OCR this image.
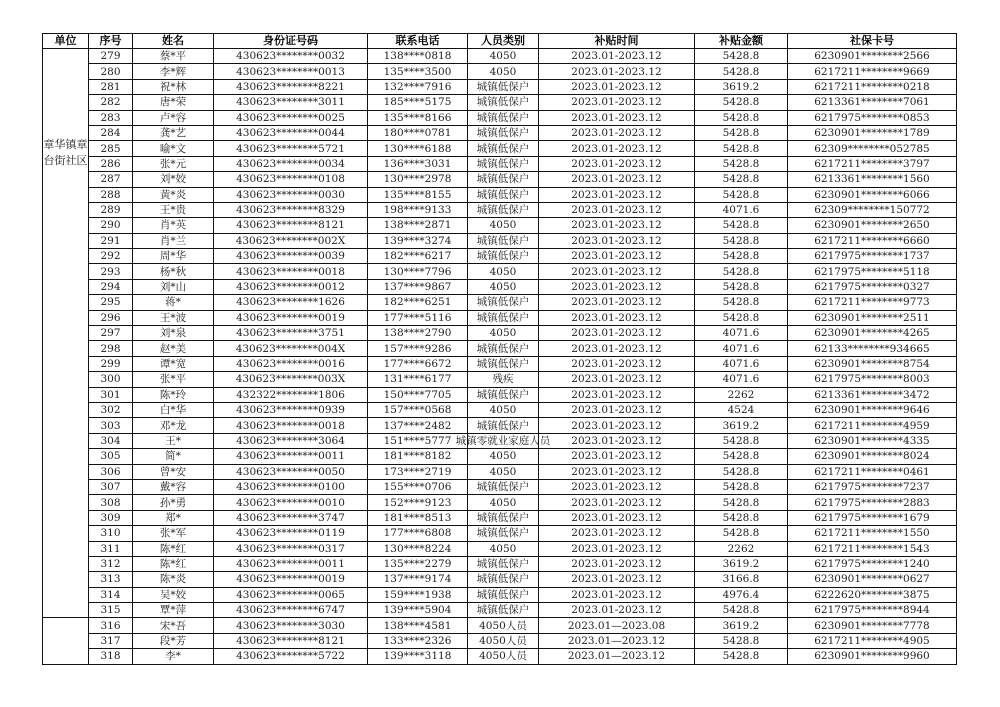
单位	序号	姓名	身份证号码	联系电话	人员类别	补贴时间	补贴金额	社保卡号
章华镇章台街社区	279	蔡*平	430623********0032	138****0818	4050	2023.01-2023.12	5428.8	6230901********2566
	280	李*辉	430623********0013	135****3500	4050	2023.01-2023.12	5428.8	6217211********9669
	281	祝*林	430623********8221	132****7916	城镇低保户	2023.01-2023.12	3619.2	6217211********0218
	282	唐*荣	430623********3011	185****5175	城镇低保户	2023.01-2023.12	5428.8	6213361********7061
	283	卢*容	430623********0025	135****8166	城镇低保户	2023.01-2023.12	5428.8	6217975********0853
	284	龚*艺	430623********0044	180****0781	城镇低保户	2023.01-2023.12	5428.8	6230901********1789
	285	喻*文	430623********5721	130****6188	城镇低保户	2023.01-2023.12	5428.8	62309********052785
	286	张*元	430623********0034	136****3031	城镇低保户	2023.01-2023.12	5428.8	6217211********3797
	287	刘*姣	430623********0108	130****2978	城镇低保户	2023.01-2023.12	5428.8	6213361********1560
	288	黄*炎	430623********0030	135****8155	城镇低保户	2023.01-2023.12	5428.8	6230901********6066
	289	王*贵	430623********8329	198****9133	城镇低保户	2023.01-2023.12	4071.6	62309********150772
	290	肖*英	430623********8121	138****2871	4050	2023.01-2023.12	5428.8	6230901********2650
	291	肖*兰	430623********002X	139****3274	城镇低保户	2023.01-2023.12	5428.8	6217211********6660
	292	周*华	430623********0039	182****6217	城镇低保户	2023.01-2023.12	5428.8	6217975********1737
	293	杨*秋	430623********0018	130****7796	4050	2023.01-2023.12	5428.8	6217975********5118
	294	刘*山	430623********0012	137****9867	4050	2023.01-2023.12	5428.8	6217975********0327
	295	蒋*	430623********1626	182****6251	城镇低保户	2023.01-2023.12	5428.8	6217211********9773
	296	王*波	430623********0019	177****5116	城镇低保户	2023.01-2023.12	5428.8	6230901********2511
	297	刘*泉	430623********3751	138****2790	4050	2023.01-2023.12	4071.6	6230901********4265
	298	赵*美	430623********004X	157****9286	城镇低保户	2023.01-2023.12	4071.6	62133********934665
	299	谭*宽	430623********0016	177****6672	城镇低保户	2023.01-2023.12	4071.6	6230901********8754
	300	张*平	430623********003X	131****6177	残疾	2023.01-2023.12	4071.6	6217975********8003
	301	陈*玲	432322********1806	150****7705	城镇低保户	2023.01-2023.12	2262	6213361********3472
	302	白*华	430623********0939	157****0568	4050	2023.01-2023.12	4524	6230901********9646
	303	邓*龙	430623********0018	137****2482	城镇低保户	2023.01-2023.12	3619.2	6217211********4959
	304	王*	430623********3064	151****5777	城镇零就业家庭人员	2023.01-2023.12	5428.8	6230901********4335
	305	简*	430623********0011	181****8182	4050	2023.01-2023.12	5428.8	6230901********8024
	306	曾*安	430623********0050	173****2719	4050	2023.01-2023.12	5428.8	6217211********0461
	307	戴*容	430623********0100	155****0706	城镇低保户	2023.01-2023.12	5428.8	6217975********7237
	308	孙*勇	430623********0010	152****9123	4050	2023.01-2023.12	5428.8	6217975********2883
	309	郑*	430623********3747	181****8513	城镇低保户	2023.01-2023.12	5428.8	6217975********1679
	310	张*军	430623********0119	177****6808	城镇低保户	2023.01-2023.12	5428.8	6217211********1550
	311	陈*红	430623********0317	130****8224	4050	2023.01-2023.12	2262	6217211********1543
	312	陈*红	430623********0011	135****2279	城镇低保户	2023.01-2023.12	3619.2	6217975********1240
	313	陈*炎	430623********0019	137****9174	城镇低保户	2023.01-2023.12	3166.8	6230901********0627
	314	吴*姣	430623********0065	159****1938	城镇低保户	2023.01-2023.12	4976.4	6222620********3875
	315	覃*萍	430623********6747	139****5904	城镇低保户	2023.01-2023.12	5428.8	6217975********8944
	316	宋*吾	430623********3030	138****4581	4050人员	2023.01—2023.08	3619.2	6230901********7778
	317	段*芳	430623********8121	133****2326	4050人员	2023.01—2023.12	5428.8	6217211********4905
	318	李*	430623********5722	139****3118	4050人员	2023.01—2023.12	5428.8	6230901********9960
